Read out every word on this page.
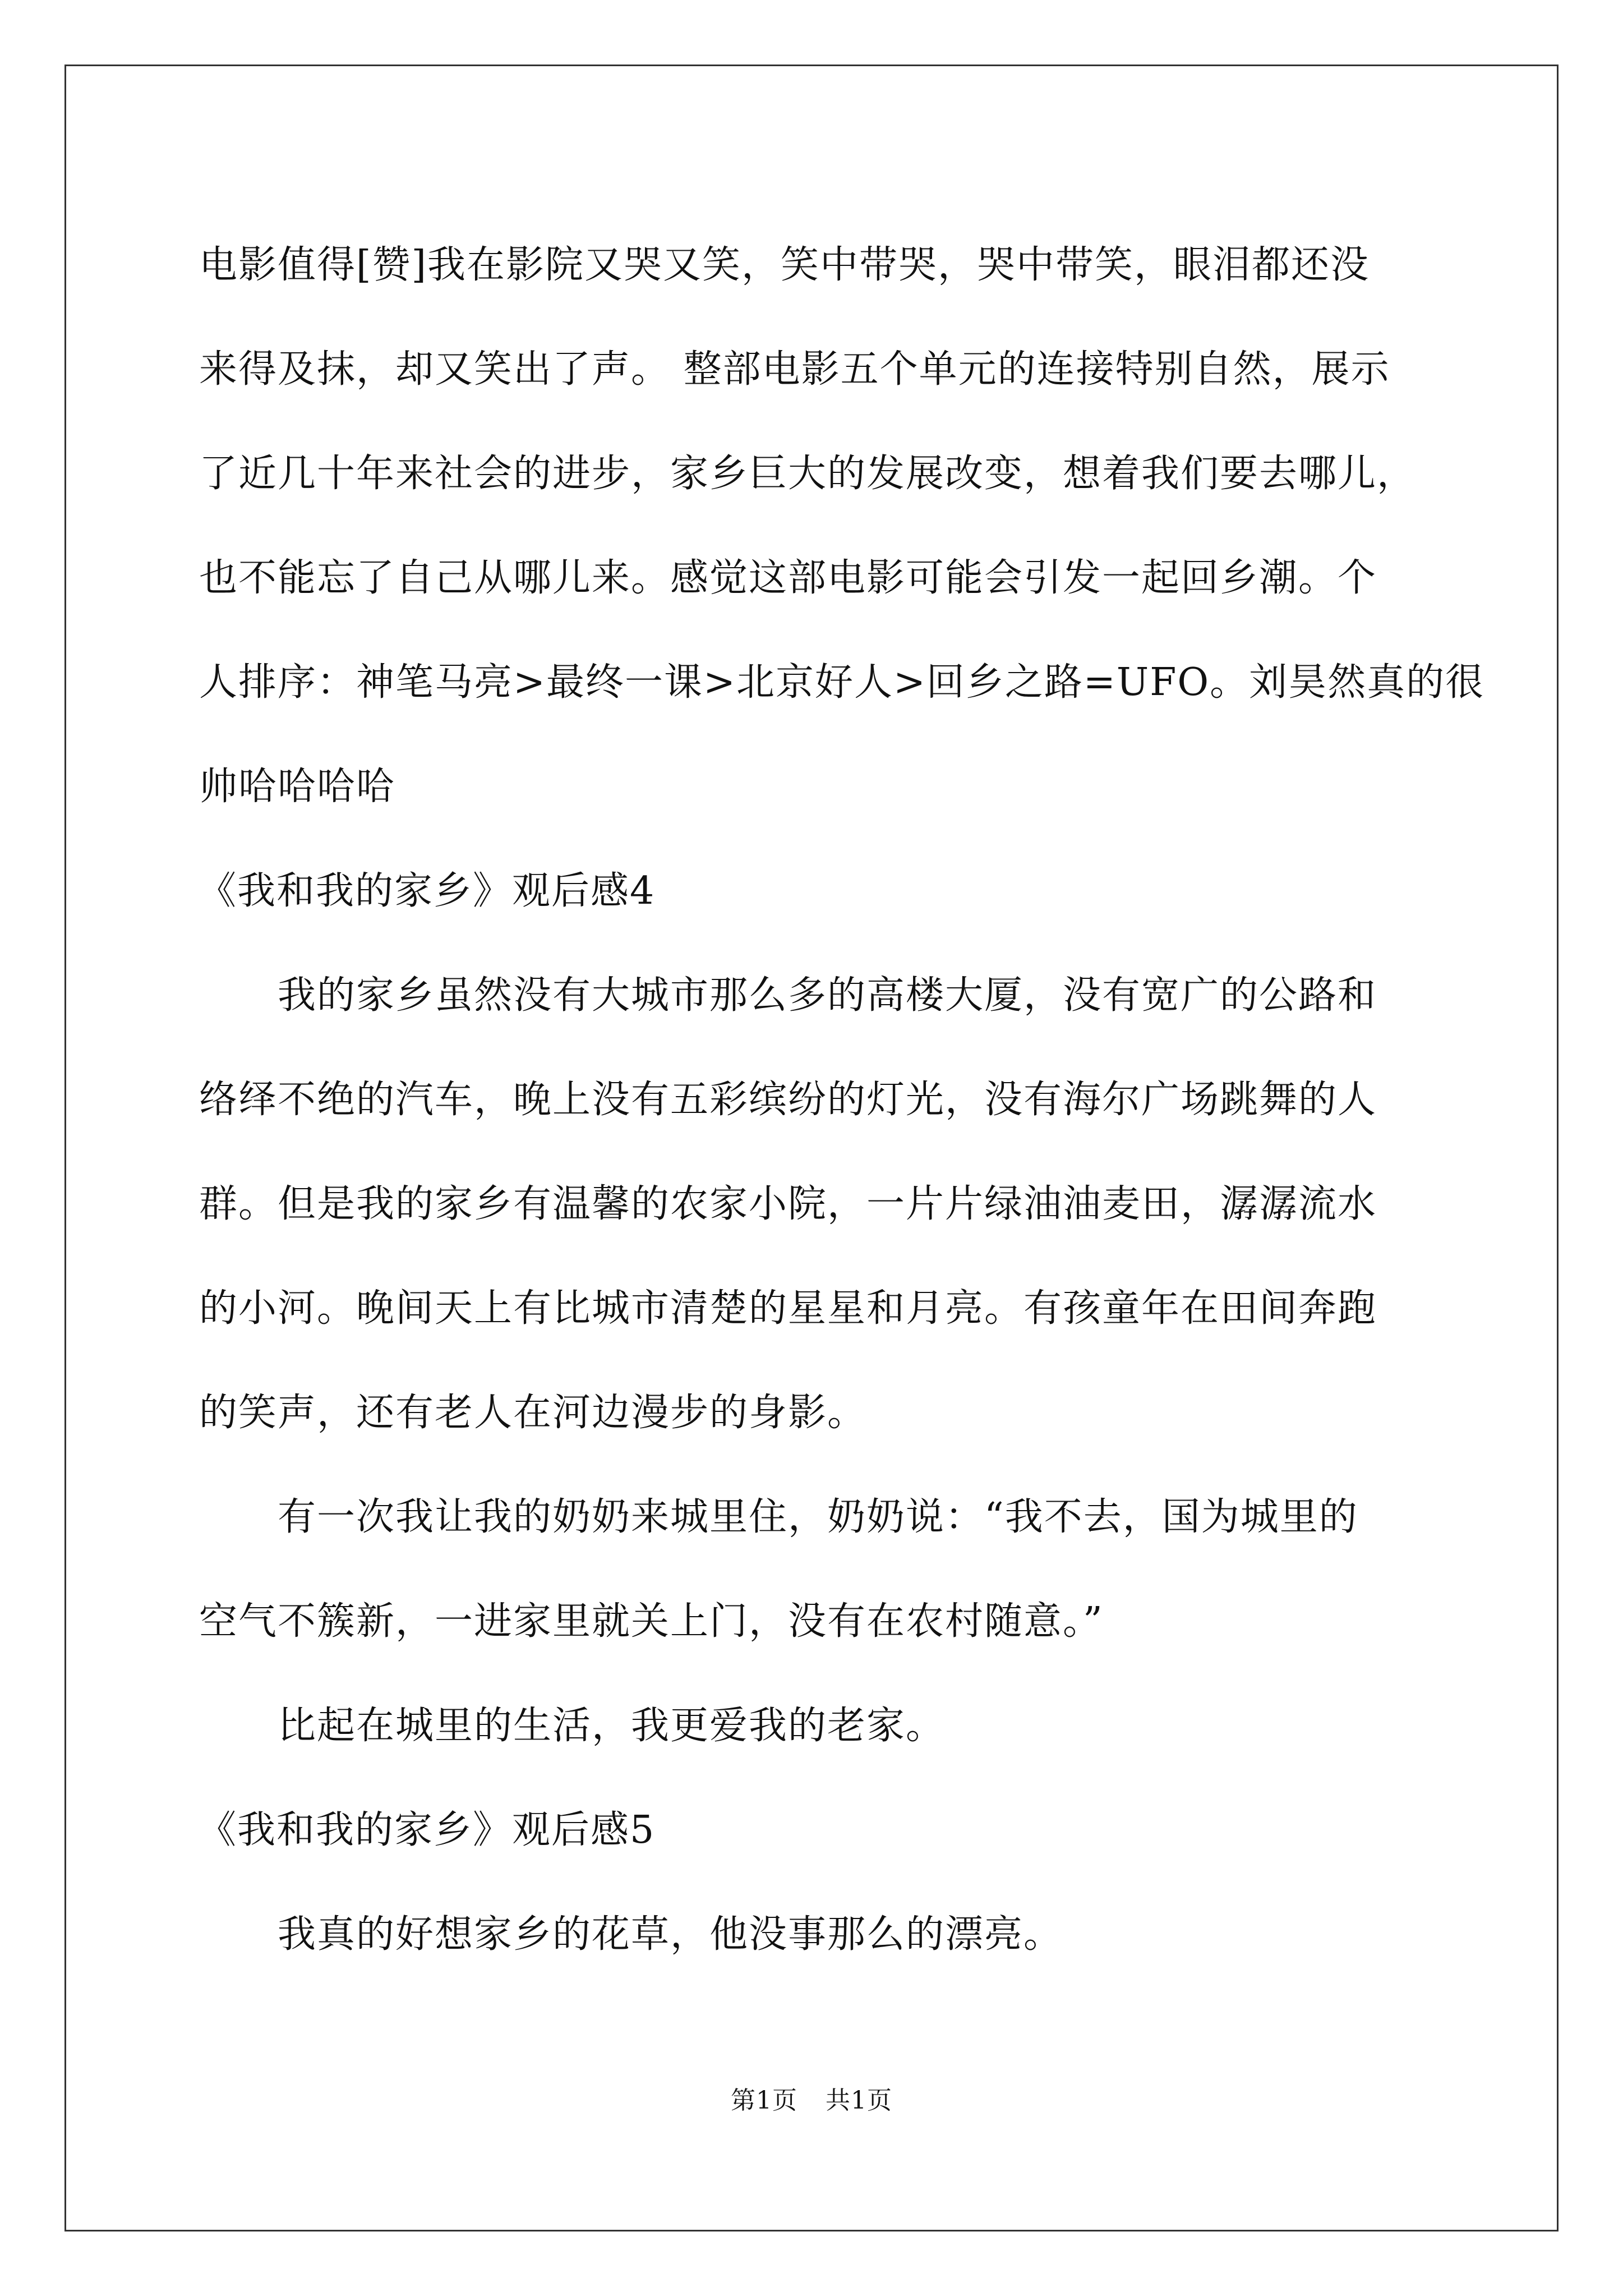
电影值得[赞]我在影院又哭又笑，笑中带哭，哭中带笑，眼泪都还没
来得及抹，却又笑出了声。 整部电影五个单元的连接特别自然，展示
了近几十年来社会的进步，家乡巨大的发展改变，想着我们要去哪儿，
也不能忘了自己从哪儿来。感觉这部电影可能会引发一起回乡潮。个
人排序：神笔马亮>最终一课>北京好人>回乡之路=UFO。刘昊然真的很
帅哈哈哈哈
《我和我的家乡》观后感4
我的家乡虽然没有大城市那么多的高楼大厦，没有宽广的公路和
络绎不绝的汽车，晚上没有五彩缤纷的灯光，没有海尔广场跳舞的人
群。但是我的家乡有温馨的农家小院，一片片绿油油麦田，潺潺流水
的小河。晚间天上有比城市清楚的星星和月亮。有孩童年在田间奔跑
的笑声，还有老人在河边漫步的身影。
有一次我让我的奶奶来城里住，奶奶说：“我不去，国为城里的
空气不簇新，一进家里就关上门，没有在农村随意。”
比起在城里的生活，我更爱我的老家。
《我和我的家乡》观后感5
我真的好想家乡的花草，他没事那么的漂亮。
第1页 共1页
